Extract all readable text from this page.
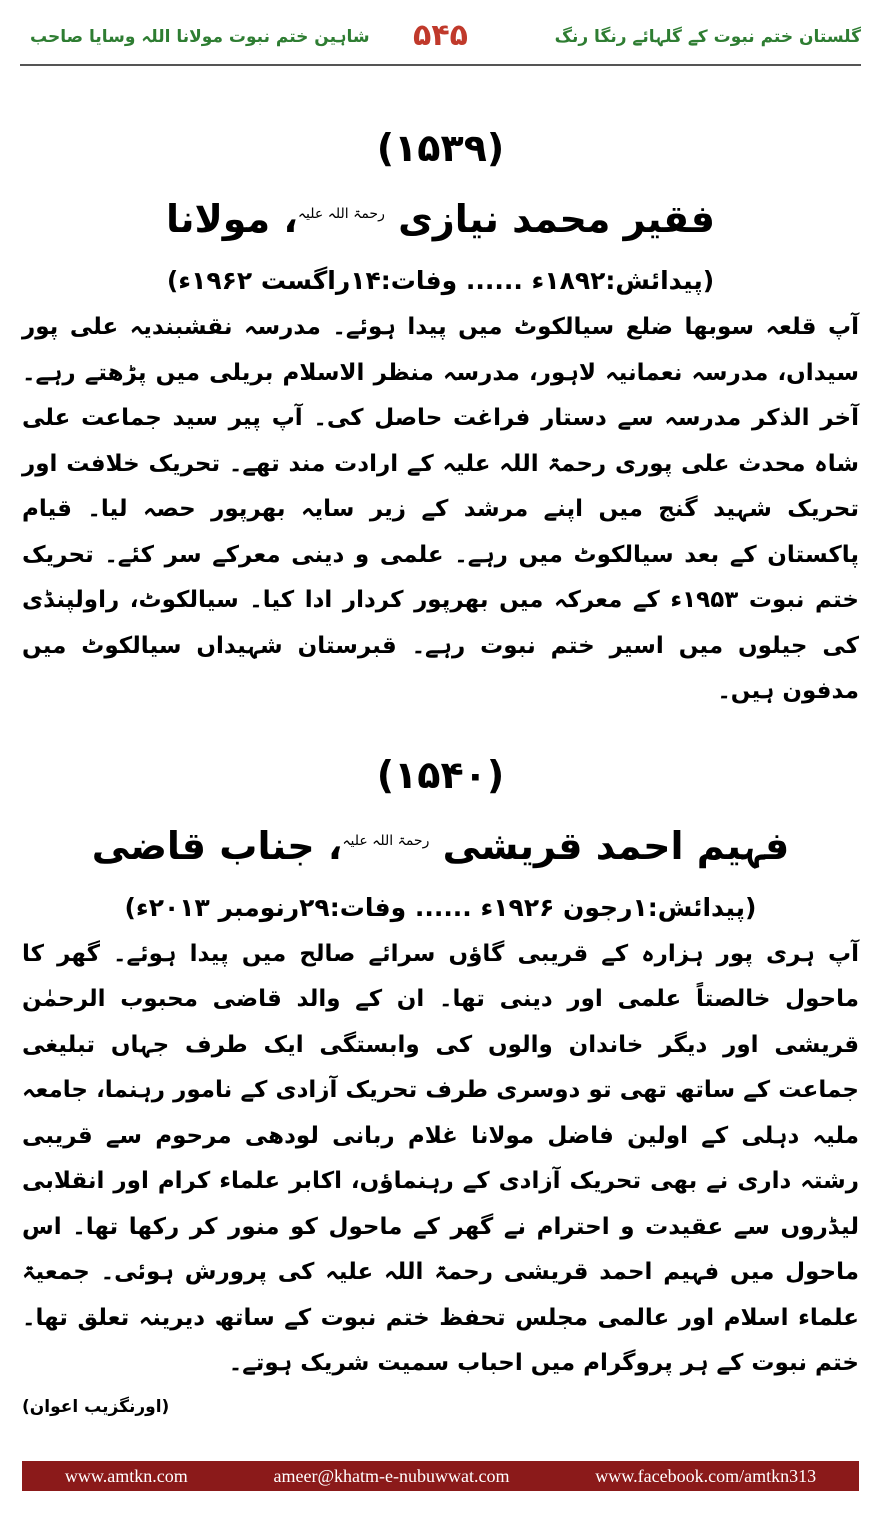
گلستان ختم نبوت کے گلہائے رنگا رنگ
۵۴۵
شاہین ختم نبوت مولانا اللہ وسایا صاحب
(۱۵۳۹)
فقیر محمد نیازی $^{رحمۃ اللہ علیہ}$، مولانا
(پیدائش:۱۸۹۲ء ...... وفات:۱۴راگست ۱۹۶۲ء)

آپ قلعہ سوبھا ضلع سیالکوٹ میں پیدا ہوئے۔ مدرسہ نقشبندیہ علی پور سیداں، مدرسہ نعمانیہ لاہور، مدرسہ منظر الاسلام بریلی میں پڑھتے رہے۔ آخر الذکر مدرسہ سے دستار فراغت حاصل کی۔ آپ پیر سید جماعت علی شاہ محدث علی پوری رحمۃ اللہ علیہ کے ارادت مند تھے۔ تحریک خلافت اور تحریک شہید گنج میں اپنے مرشد کے زیر سایہ بھرپور حصہ لیا۔ قیام پاکستان کے بعد سیالکوٹ میں رہے۔ علمی و دینی معرکے سر کئے۔ تحریک ختم نبوت ۱۹۵۳ء کے معرکہ میں بھرپور کردار ادا کیا۔ سیالکوٹ، راولپنڈی کی جیلوں میں اسیر ختم نبوت رہے۔ قبرستان شہیداں سیالکوٹ میں مدفون ہیں۔

(۱۵۴۰)
فہیم احمد قریشی $^{رحمۃ اللہ علیہ}$، جناب قاضی
(پیدائش:۱رجون ۱۹۲۶ء ...... وفات:۲۹رنومبر ۲۰۱۳ء)

آپ ہری پور ہزارہ کے قریبی گاؤں سرائے صالح میں پیدا ہوئے۔ گھر کا ماحول خالصتاً علمی اور دینی تھا۔ ان کے والد قاضی محبوب الرحمٰن قریشی اور دیگر خاندان والوں کی وابستگی ایک طرف جہاں تبلیغی جماعت کے ساتھ تھی تو دوسری طرف تحریک آزادی کے نامور رہنما، جامعہ ملیہ دہلی کے اولین فاضل مولانا غلام ربانی لودھی مرحوم سے قریبی رشتہ داری نے بھی تحریک آزادی کے رہنماؤں، اکابر علماء کرام اور انقلابی لیڈروں سے عقیدت و احترام نے گھر کے ماحول کو منور کر رکھا تھا۔ اس ماحول میں فہیم احمد قریشی رحمۃ اللہ علیہ کی پرورش ہوئی۔ جمعیۃ علماء اسلام اور عالمی مجلس تحفظ ختم نبوت کے ساتھ دیرینہ تعلق تھا۔ ختم نبوت کے ہر پروگرام میں احباب سمیت شریک ہوتے۔

(اورنگزیب اعوان)
www.amtkn.com	ameer@khatm-e-nubuwwat.com	www.facebook.com/amtkn313
